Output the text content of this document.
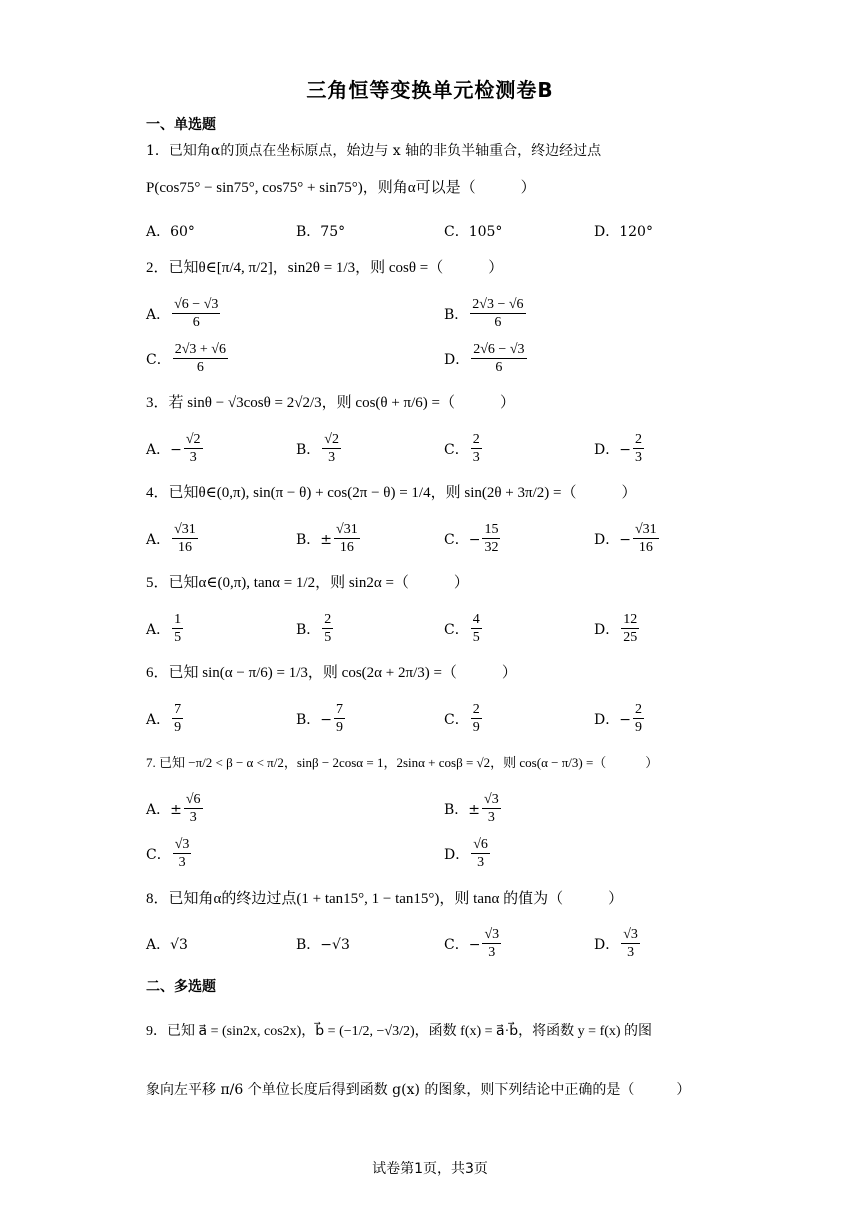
三角恒等变换单元检测卷B
一、单选题
1．已知角α的顶点在坐标原点，始边与 x 轴的非负半轴重合，终边经过点
P(cos75° − sin75°, cos75° + sin75°)，则角α可以是（　　　）
A．60°	B．75°	C．105°	D．120°
2．已知θ∈[π/4, π/2]，sin2θ = 1/3，则 cosθ =（　　　）
A． $\frac{√6 - √3}{6}$	B． $\frac{2√3 - √6}{6}$
C． $\frac{2√3 + √6}{6}$	D． $\frac{2√6 - √3}{6}$
3．若 sinθ − √3cosθ = 2√2/3，则 cos(θ + π/6) =（　　　）
A．− $\frac{√2}{3}$	B． $\frac{√2}{3}$	C． $\frac{2}{3}$	D．− $\frac{2}{3}$
4．已知θ∈(0,π), sin(π − θ) + cos(2π − θ) = 1/4，则 sin(2θ + 3π/2) =（　　　）
A． $\frac{√31}{16}$	B．± $\frac{√31}{16}$	C．− $\frac{15}{32}$	D．− $\frac{√31}{16}$
5．已知α∈(0,π), tanα = 1/2，则 sin2α =（　　　）
A． $\frac{1}{5}$	B． $\frac{2}{5}$	C． $\frac{4}{5}$	D． $\frac{12}{25}$
6．已知 sin(α − π/6) = 1/3，则 cos(2α + 2π/3) =（　　　）
A． $\frac{7}{9}$	B．− $\frac{7}{9}$	C． $\frac{2}{9}$	D．− $\frac{2}{9}$
7. 已知 −π/2 < β − α < π/2，sinβ − 2cosα = 1，2sinα + cosβ = √2，则 cos(α − π/3) =（　　　）
A．± $\frac{√6}{3}$	B．± $\frac{√3}{3}$
C． $\frac{√3}{3}$	D． $\frac{√6}{3}$
8．已知角α的终边过点(1 + tan15°, 1 − tan15°)，则 tanα 的值为（　　　）
A．√3	B．−√3	C．− $\frac{√3}{3}$	D． $\frac{√3}{3}$
二、多选题
9．已知 a⃗ = (sin2x, cos2x)，b⃗ = (−1/2, −√3/2)，函数 f(x) = a⃗·b⃗，将函数 y = f(x) 的图
象向左平移 π/6 个单位长度后得到函数 g(x) 的图象，则下列结论中正确的是（　　　）
试卷第1页，共3页
